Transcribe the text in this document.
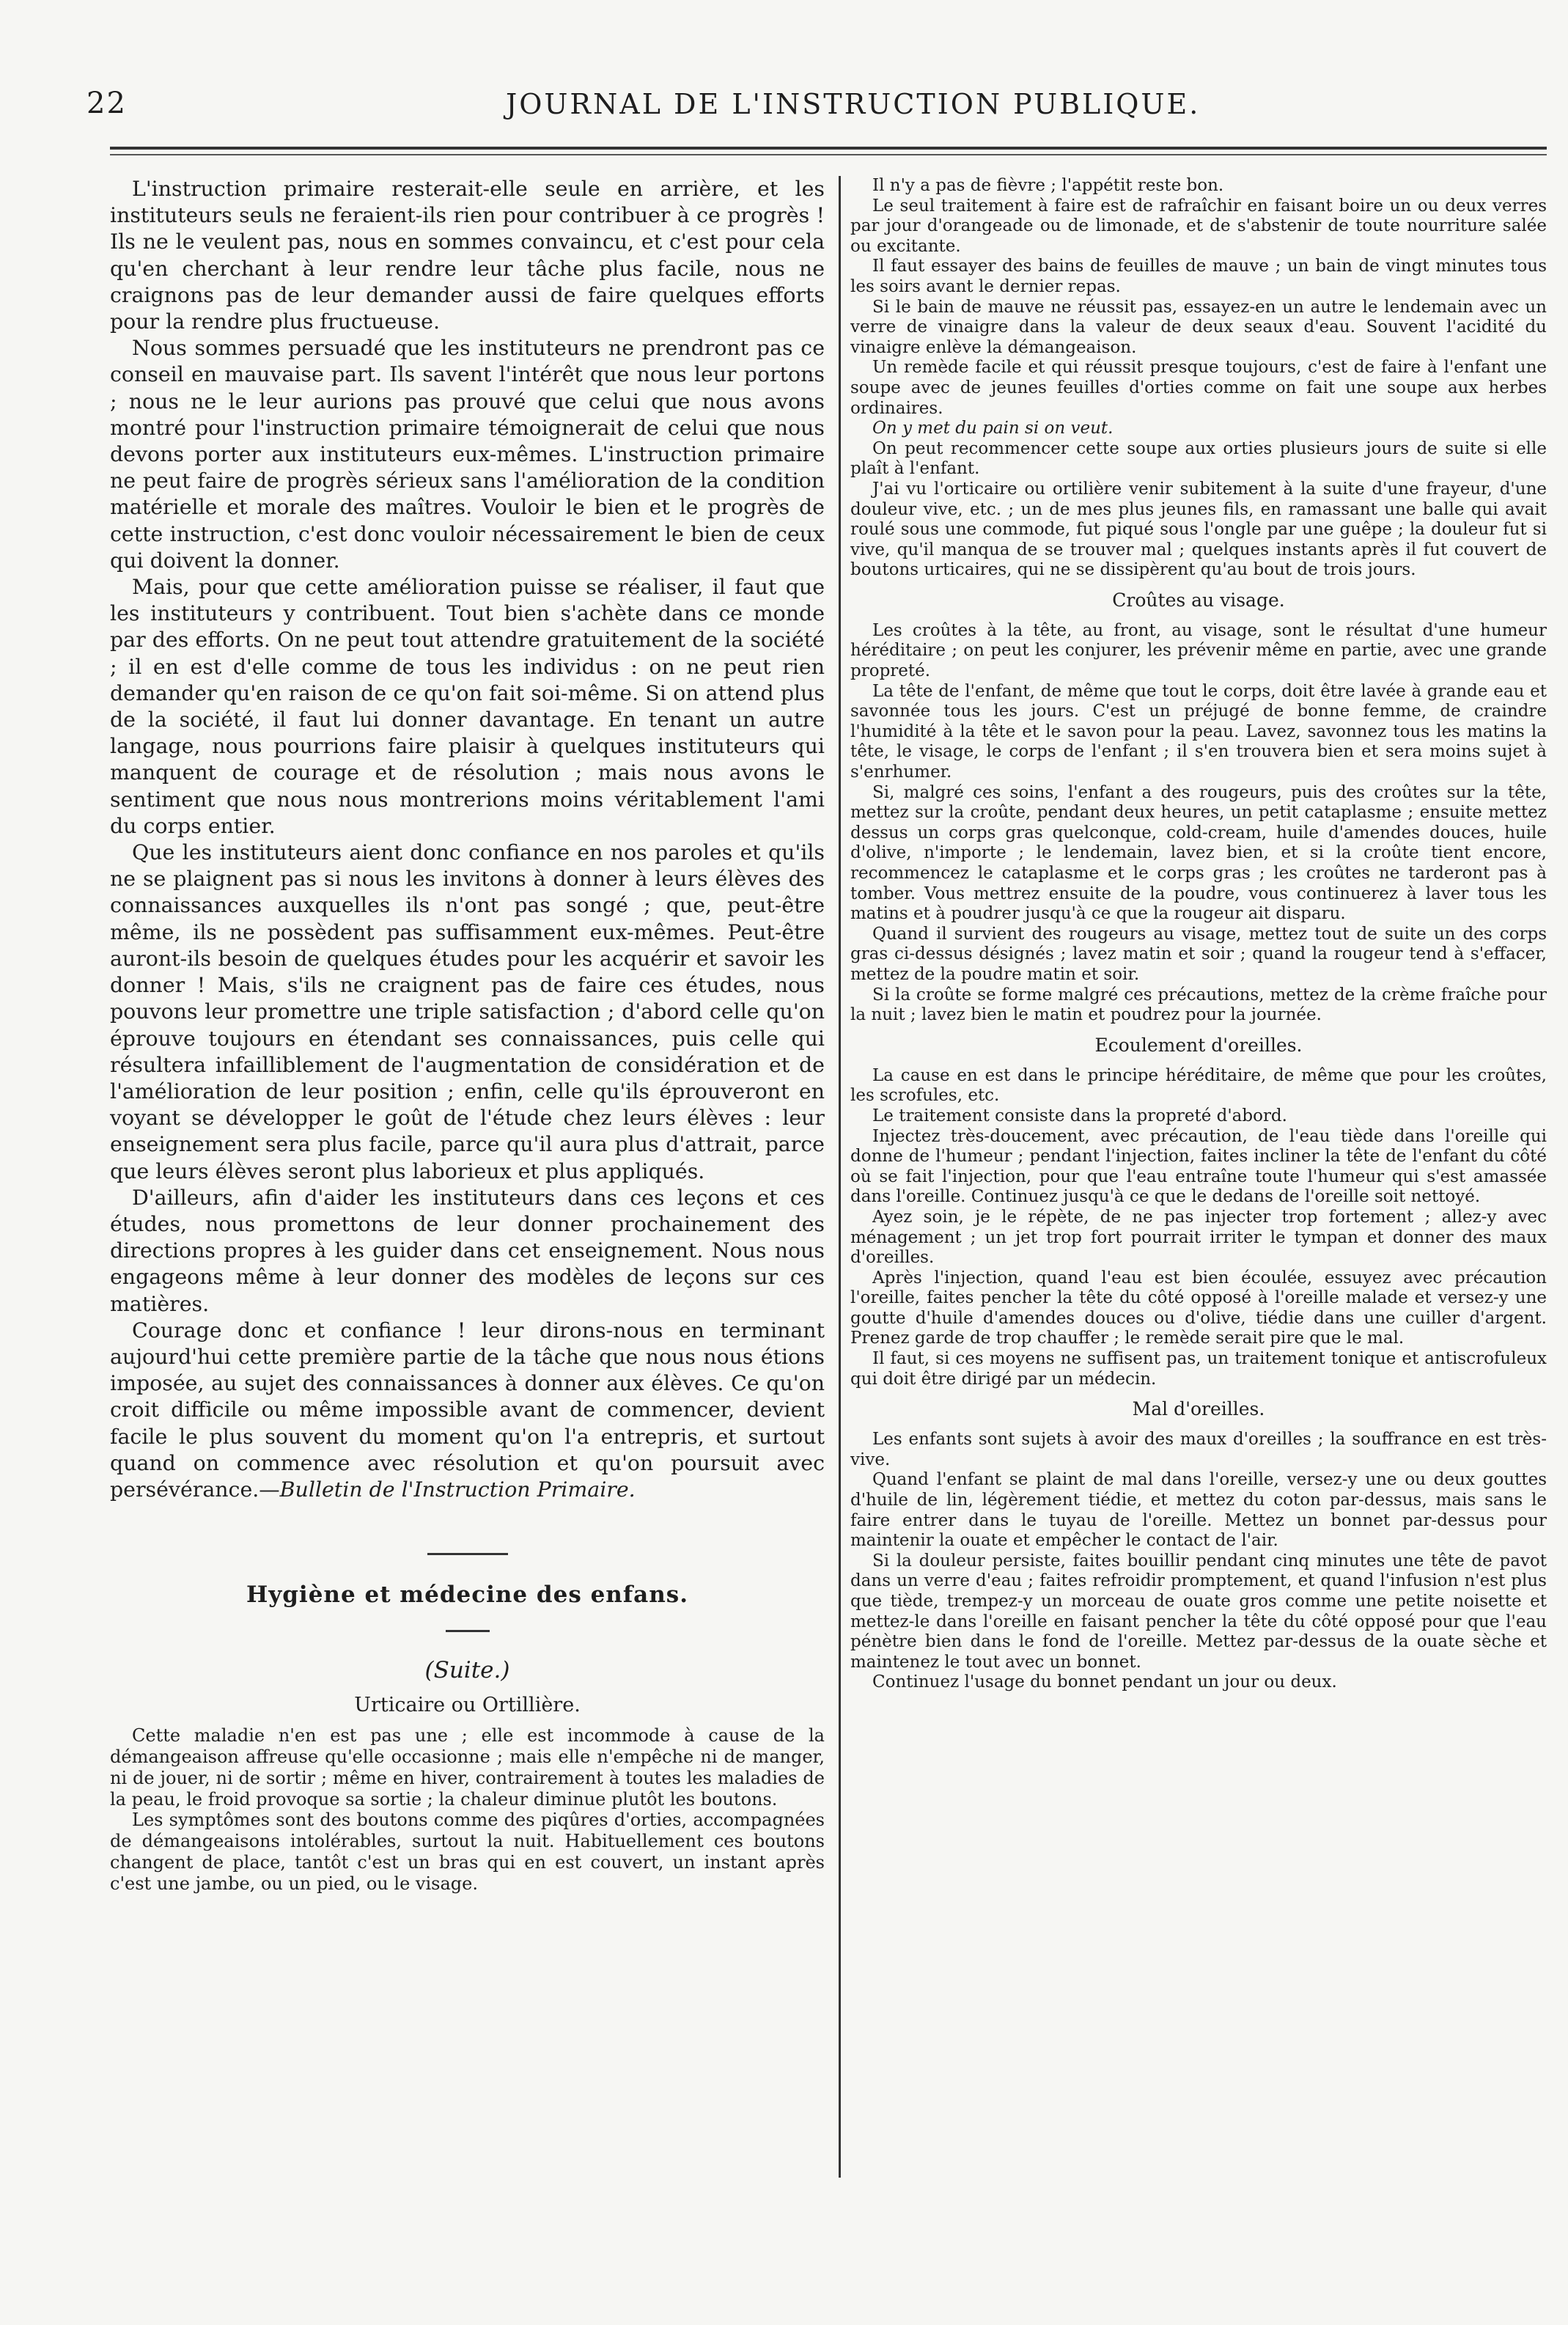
22	JOURNAL DE L'INSTRUCTION PUBLIQUE.

L'instruction primaire resterait-elle seule en arrière, et les instituteurs seuls ne feraient-ils rien pour contribuer à ce progrès ! Ils ne le veulent pas, nous en sommes convaincu, et c'est pour cela qu'en cherchant à leur rendre leur tâche plus facile, nous ne craignons pas de leur demander aussi de faire quelques efforts pour la rendre plus fructueuse.

Nous sommes persuadé que les instituteurs ne prendront pas ce conseil en mauvaise part. Ils savent l'intérêt que nous leur portons ; nous ne le leur aurions pas prouvé que celui que nous avons montré pour l'instruction primaire témoignerait de celui que nous devons porter aux instituteurs eux-mêmes. L'instruction primaire ne peut faire de progrès sérieux sans l'amélioration de la condition matérielle et morale des maîtres. Vouloir le bien et le progrès de cette instruction, c'est donc vouloir nécessairement le bien de ceux qui doivent la donner.

Mais, pour que cette amélioration puisse se réaliser, il faut que les instituteurs y contribuent. Tout bien s'achète dans ce monde par des efforts. On ne peut tout attendre gratuitement de la société ; il en est d'elle comme de tous les individus : on ne peut rien demander qu'en raison de ce qu'on fait soi-même. Si on attend plus de la société, il faut lui donner davantage. En tenant un autre langage, nous pourrions faire plaisir à quelques instituteurs qui manquent de courage et de résolution ; mais nous avons le sentiment que nous nous montrerions moins véritablement l'ami du corps entier.

Que les instituteurs aient donc confiance en nos paroles et qu'ils ne se plaignent pas si nous les invitons à donner à leurs élèves des connaissances auxquelles ils n'ont pas songé ; que, peut-être même, ils ne possèdent pas suffisamment eux-mêmes. Peut-être auront-ils besoin de quelques études pour les acquérir et savoir les donner ! Mais, s'ils ne craignent pas de faire ces études, nous pouvons leur promettre une triple satisfaction ; d'abord celle qu'on éprouve toujours en étendant ses connaissances, puis celle qui résultera infailliblement de l'augmentation de considération et de l'amélioration de leur position ; enfin, celle qu'ils éprouveront en voyant se développer le goût de l'étude chez leurs élèves : leur enseignement sera plus facile, parce qu'il aura plus d'attrait, parce que leurs élèves seront plus laborieux et plus appliqués.

D'ailleurs, afin d'aider les instituteurs dans ces leçons et ces études, nous promettons de leur donner prochainement des directions propres à les guider dans cet enseignement. Nous nous engageons même à leur donner des modèles de leçons sur ces matières.

Courage donc et confiance ! leur dirons-nous en terminant aujourd'hui cette première partie de la tâche que nous nous étions imposée, au sujet des connaissances à donner aux élèves. Ce qu'on croit difficile ou même impossible avant de commencer, devient facile le plus souvent du moment qu'on l'a entrepris, et surtout quand on commence avec résolution et qu'on poursuit avec persévérance.—Bulletin de l'Instruction Primaire.

Hygiène et médecine des enfans.
(Suite.)
Urticaire ou Ortillière.

Cette maladie n'en est pas une ; elle est incommode à cause de la démangeaison affreuse qu'elle occasionne ; mais elle n'empêche ni de manger, ni de jouer, ni de sortir ; même en hiver, contrairement à toutes les maladies de la peau, le froid provoque sa sortie ; la chaleur diminue plutôt les boutons.

Les symptômes sont des boutons comme des piqûres d'orties, accompagnées de démangeaisons intolérables, surtout la nuit. Habituellement ces boutons changent de place, tantôt c'est un bras qui en est couvert, un instant après c'est une jambe, ou un pied, ou le visage.

Il n'y a pas de fièvre ; l'appétit reste bon.

Le seul traitement à faire est de rafraîchir en faisant boire un ou deux verres par jour d'orangeade ou de limonade, et de s'abstenir de toute nourriture salée ou excitante.

Il faut essayer des bains de feuilles de mauve ; un bain de vingt minutes tous les soirs avant le dernier repas.

Si le bain de mauve ne réussit pas, essayez-en un autre le lendemain avec un verre de vinaigre dans la valeur de deux seaux d'eau. Souvent l'acidité du vinaigre enlève la démangeaison.

Un remède facile et qui réussit presque toujours, c'est de faire à l'enfant une soupe avec de jeunes feuilles d'orties comme on fait une soupe aux herbes ordinaires.

On y met du pain si on veut.

On peut recommencer cette soupe aux orties plusieurs jours de suite si elle plaît à l'enfant.

J'ai vu l'orticaire ou ortilière venir subitement à la suite d'une frayeur, d'une douleur vive, etc. ; un de mes plus jeunes fils, en ramassant une balle qui avait roulé sous une commode, fut piqué sous l'ongle par une guêpe ; la douleur fut si vive, qu'il manqua de se trouver mal ; quelques instants après il fut couvert de boutons urticaires, qui ne se dissipèrent qu'au bout de trois jours.

Croûtes au visage.

Les croûtes à la tête, au front, au visage, sont le résultat d'une humeur héréditaire ; on peut les conjurer, les prévenir même en partie, avec une grande propreté.

La tête de l'enfant, de même que tout le corps, doit être lavée à grande eau et savonnée tous les jours. C'est un préjugé de bonne femme, de craindre l'humidité à la tête et le savon pour la peau. Lavez, savonnez tous les matins la tête, le visage, le corps de l'enfant ; il s'en trouvera bien et sera moins sujet à s'enrhumer.

Si, malgré ces soins, l'enfant a des rougeurs, puis des croûtes sur la tête, mettez sur la croûte, pendant deux heures, un petit cataplasme ; ensuite mettez dessus un corps gras quelconque, cold-cream, huile d'amendes douces, huile d'olive, n'importe ; le lendemain, lavez bien, et si la croûte tient encore, recommencez le cataplasme et le corps gras ; les croûtes ne tarderont pas à tomber. Vous mettrez ensuite de la poudre, vous continuerez à laver tous les matins et à poudrer jusqu'à ce que la rougeur ait disparu.

Quand il survient des rougeurs au visage, mettez tout de suite un des corps gras ci-dessus désignés ; lavez matin et soir ; quand la rougeur tend à s'effacer, mettez de la poudre matin et soir.

Si la croûte se forme malgré ces précautions, mettez de la crème fraîche pour la nuit ; lavez bien le matin et poudrez pour la journée.

Ecoulement d'oreilles.

La cause en est dans le principe héréditaire, de même que pour les croûtes, les scrofules, etc.

Le traitement consiste dans la propreté d'abord.

Injectez très-doucement, avec précaution, de l'eau tiède dans l'oreille qui donne de l'humeur ; pendant l'injection, faites incliner la tête de l'enfant du côté où se fait l'injection, pour que l'eau entraîne toute l'humeur qui s'est amassée dans l'oreille. Continuez jusqu'à ce que le dedans de l'oreille soit nettoyé.

Ayez soin, je le répète, de ne pas injecter trop fortement ; allez-y avec ménagement ; un jet trop fort pourrait irriter le tympan et donner des maux d'oreilles.

Après l'injection, quand l'eau est bien écoulée, essuyez avec précaution l'oreille, faites pencher la tête du côté opposé à l'oreille malade et versez-y une goutte d'huile d'amendes douces ou d'olive, tiédie dans une cuiller d'argent. Prenez garde de trop chauffer ; le remède serait pire que le mal.

Il faut, si ces moyens ne suffisent pas, un traitement tonique et antiscrofuleux qui doit être dirigé par un médecin.

Mal d'oreilles.

Les enfants sont sujets à avoir des maux d'oreilles ; la souffrance en est très-vive.

Quand l'enfant se plaint de mal dans l'oreille, versez-y une ou deux gouttes d'huile de lin, légèrement tiédie, et mettez du coton par-dessus, mais sans le faire entrer dans le tuyau de l'oreille. Mettez un bonnet par-dessus pour maintenir la ouate et empêcher le contact de l'air.

Si la douleur persiste, faites bouillir pendant cinq minutes une tête de pavot dans un verre d'eau ; faites refroidir promptement, et quand l'infusion n'est plus que tiède, trempez-y un morceau de ouate gros comme une petite noisette et mettez-le dans l'oreille en faisant pencher la tête du côté opposé pour que l'eau pénètre bien dans le fond de l'oreille. Mettez par-dessus de la ouate sèche et maintenez le tout avec un bonnet.

Continuez l'usage du bonnet pendant un jour ou deux.
